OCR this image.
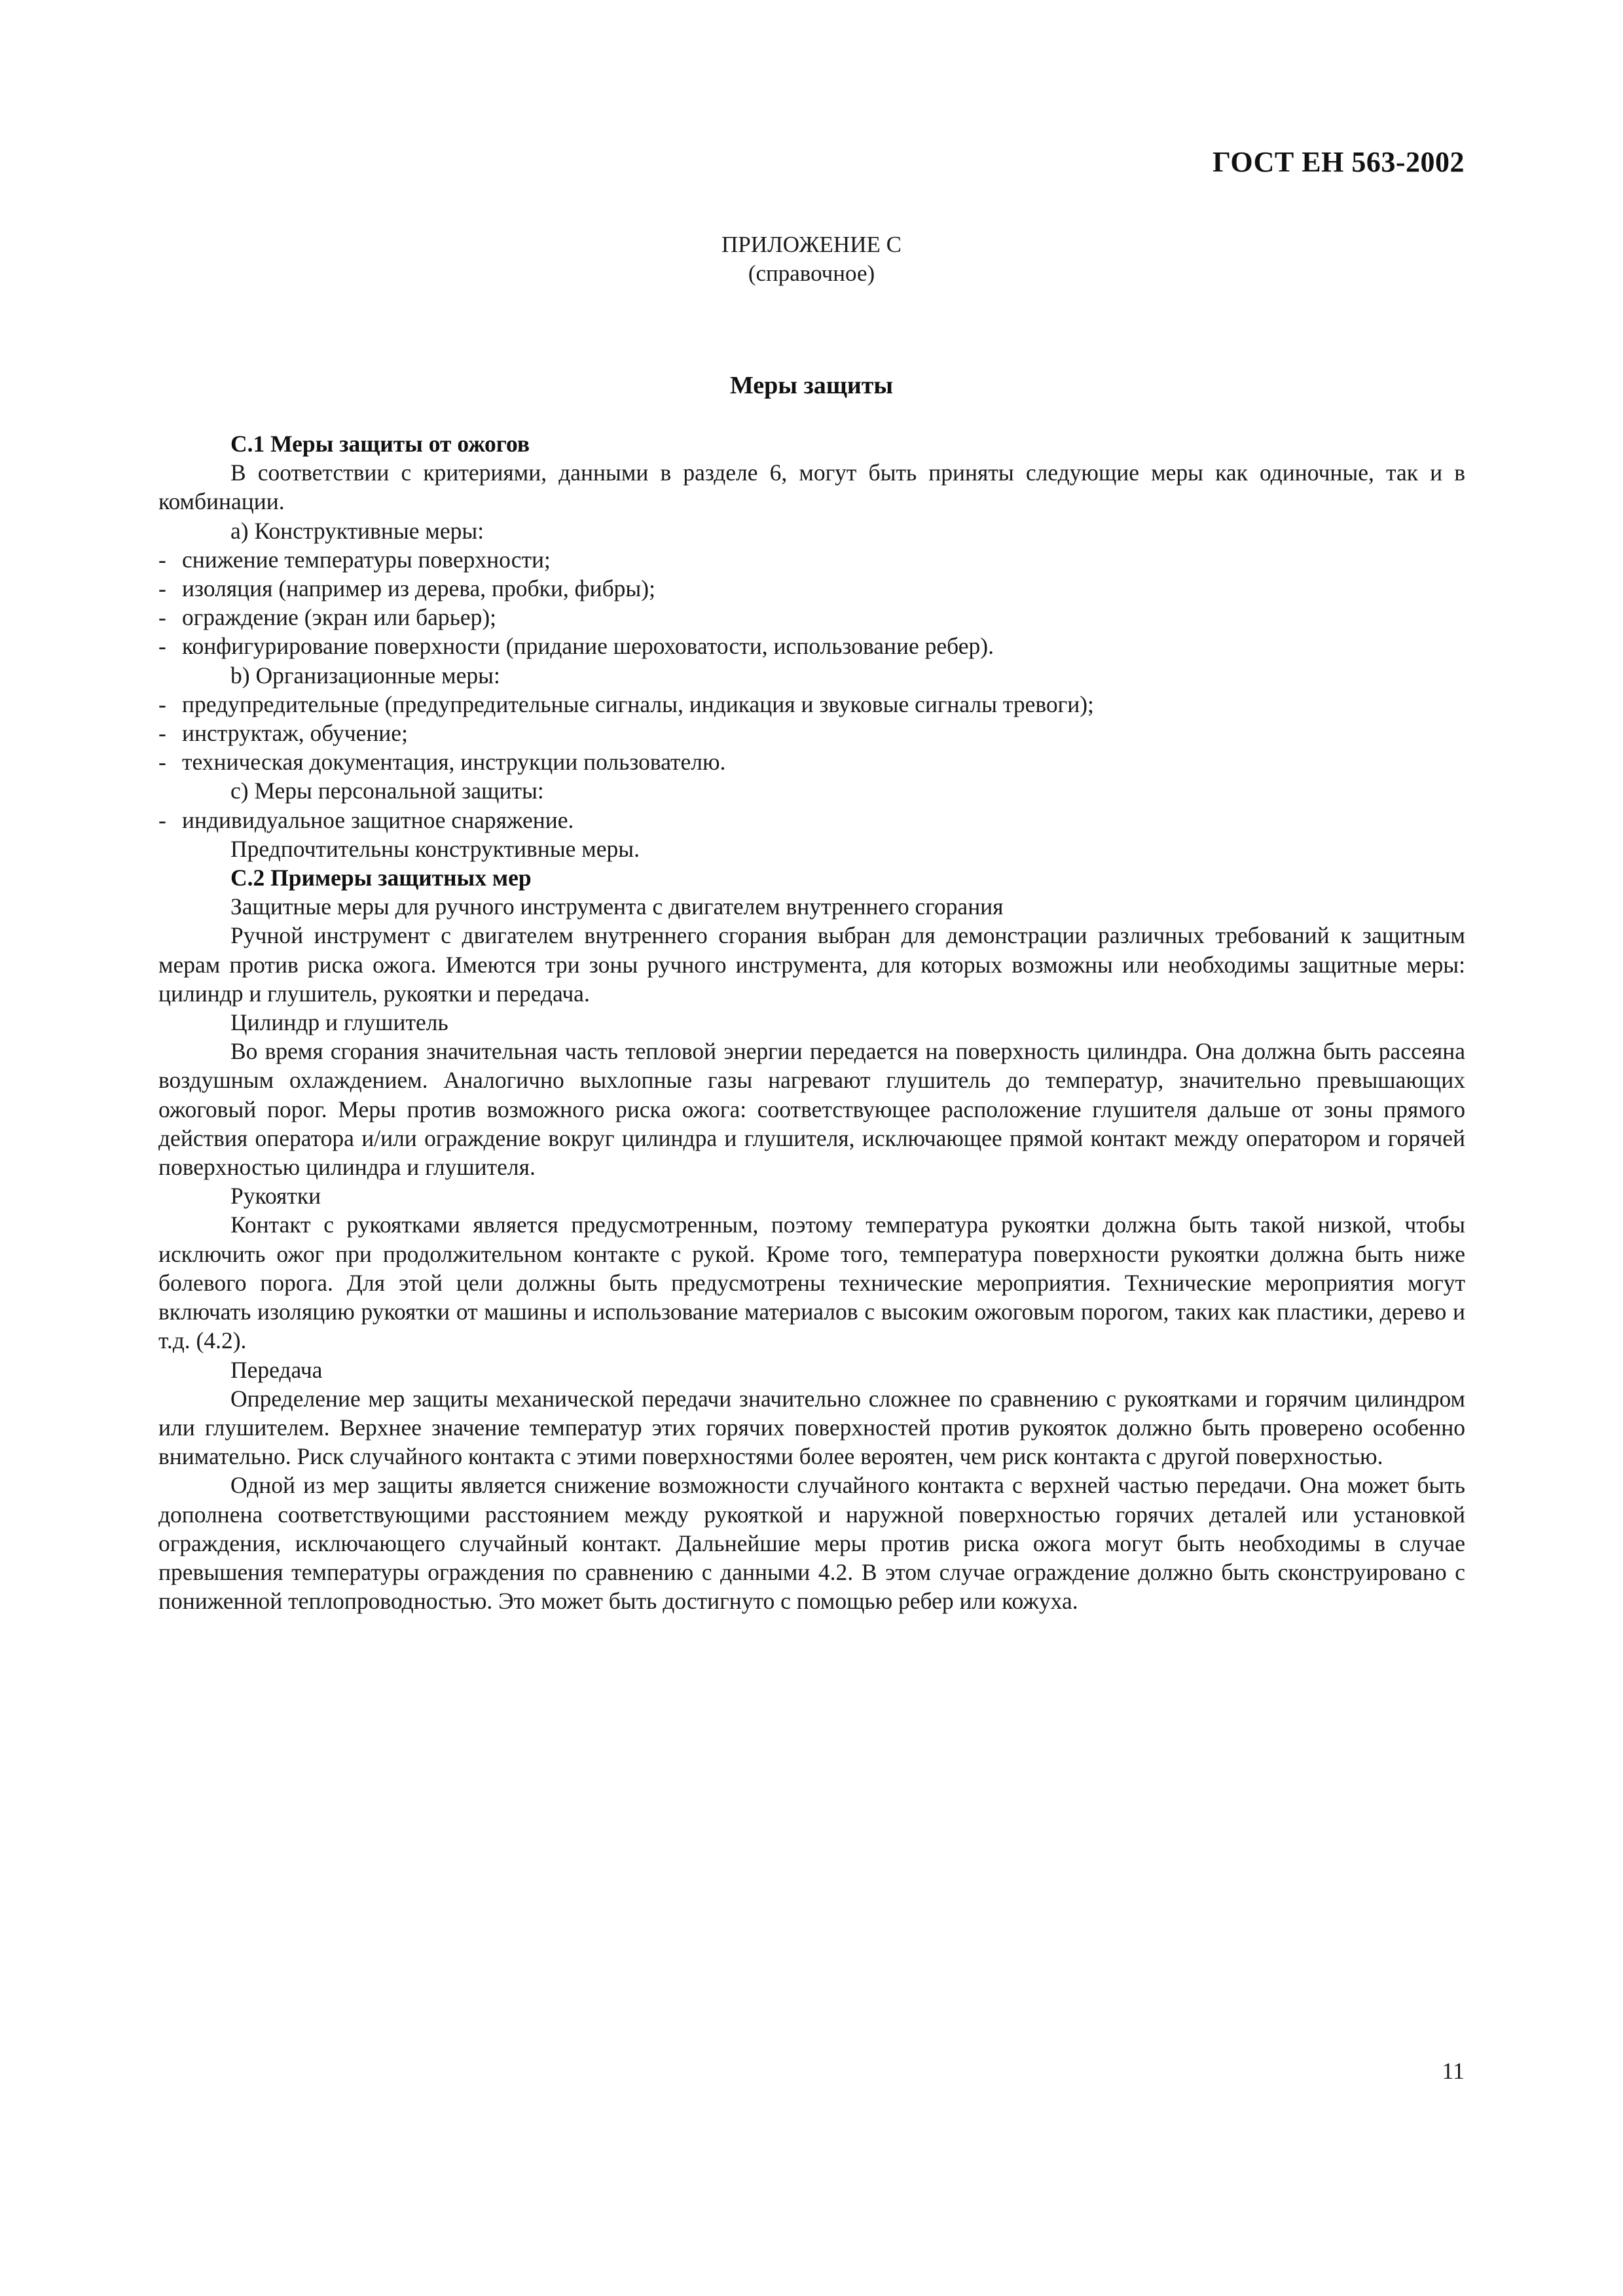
ГОСТ ЕН 563-2002
ПРИЛОЖЕНИЕ С
(справочное)
Меры защиты

С.1 Меры защиты от ожогов

В соответствии с критериями, данными в разделе 6, могут быть приняты следующие меры как одиночные, так и в комбинации.

a) Конструктивные меры:

- снижение температуры поверхности;

- изоляция (например из дерева, пробки, фибры);

- ограждение (экран или барьер);

- конфигурирование поверхности (придание шероховатости, использование ребер).

b) Организационные меры:

- предупредительные (предупредительные сигналы, индикация и звуковые сигналы тревоги);

- инструктаж, обучение;

- техническая документация, инструкции пользователю.

c) Меры персональной защиты:

- индивидуальное защитное снаряжение.

Предпочтительны конструктивные меры.

С.2 Примеры защитных мер

Защитные меры для ручного инструмента с двигателем внутреннего сгорания

Ручной инструмент с двигателем внутреннего сгорания выбран для демонстрации различных требований к защитным мерам против риска ожога. Имеются три зоны ручного инструмента, для которых возможны или необходимы защитные меры: цилиндр и глушитель, рукоятки и передача.

Цилиндр и глушитель

Во время сгорания значительная часть тепловой энергии передается на поверхность цилиндра. Она должна быть рассеяна воздушным охлаждением. Аналогично выхлопные газы нагревают глушитель до температур, значительно превышающих ожоговый порог. Меры против возможного риска ожога: соответствующее расположение глушителя дальше от зоны прямого действия оператора и/или ограждение вокруг цилиндра и глушителя, исключающее прямой контакт между оператором и горячей поверхностью цилиндра и глушителя.

Рукоятки

Контакт с рукоятками является предусмотренным, поэтому температура рукоятки должна быть такой низкой, чтобы исключить ожог при продолжительном контакте с рукой. Кроме того, температура поверхности рукоятки должна быть ниже болевого порога. Для этой цели должны быть предусмотрены технические мероприятия. Технические мероприятия могут включать изоляцию рукоятки от машины и использование материалов с высоким ожоговым порогом, таких как пластики, дерево и т.д. (4.2).

Передача

Определение мер защиты механической передачи значительно сложнее по сравнению с рукоятками и горячим цилиндром или глушителем. Верхнее значение температур этих горячих поверхностей против рукояток должно быть проверено особенно внимательно. Риск случайного контакта с этими поверхностями более вероятен, чем риск контакта с другой поверхностью.

Одной из мер защиты является снижение возможности случайного контакта с верхней частью передачи. Она может быть дополнена соответствующими расстоянием между рукояткой и наружной поверхностью горячих деталей или установкой ограждения, исключающего случайный контакт. Дальнейшие меры против риска ожога могут быть необходимы в случае превышения температуры ограждения по сравнению с данными 4.2. В этом случае ограждение должно быть сконструировано с пониженной теплопроводностью. Это может быть достигнуто с помощью ребер или кожуха.

11
